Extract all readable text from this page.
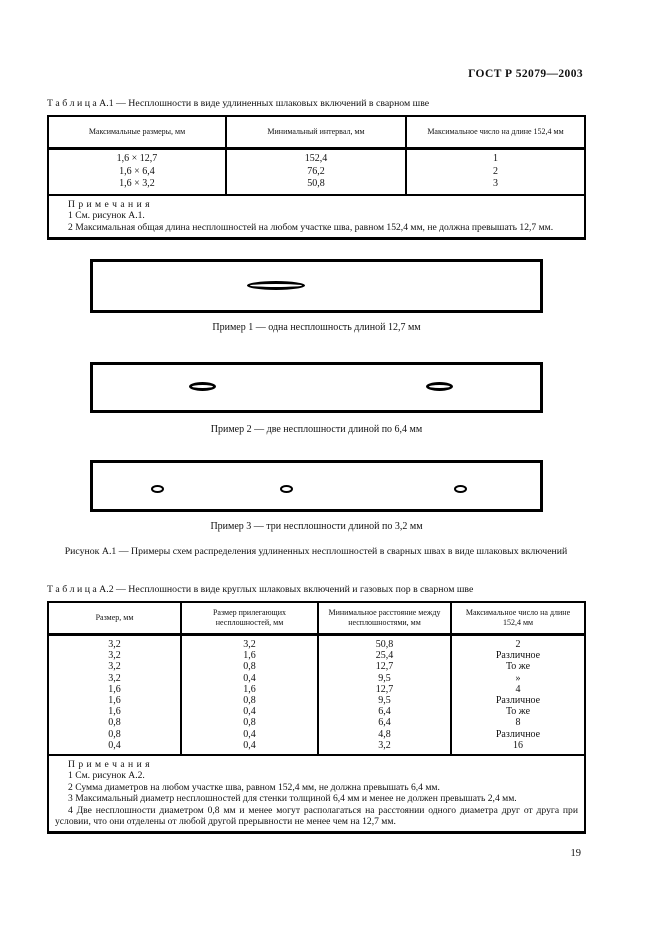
ГОСТ Р 52079—2003
Т а б л и ц а А.1 — Несплошности в виде удлиненных шлаковых включений в сварном шве
Максимальные размеры, мм	Минимальный интервал, мм	Максимальное число на длине 152,4 мм
1,6 × 12,7	152,4	1
1,6 × 6,4	76,2	2
1,6 × 3,2	50,8	3

П р и м е ч а н и я

1 См. рисунок А.1.

2 Максимальная общая длина несплошностей на любом участке шва, равном 152,4 мм, не должна превышать 12,7 мм.		

Пример 1 — одна несплошность длиной 12,7 мм
Пример 2 — две несплошности длиной по 6,4 мм
Пример 3 — три несплошности длиной по 3,2 мм
Рисунок А.1 — Примеры схем распределения удлиненных несплошностей в сварных швах в виде шлаковых включений
Т а б л и ц а А.2 — Несплошности в виде круглых шлаковых включений и газовых пор в сварном шве
Размер, мм	Размер прилегающих несплошностей, мм	Минимальное расстояние между несплошностями, мм	Максимальное число на длине 152,4 мм
3,2	3,2	50,8	2
3,2	1,6	25,4	Различное
3,2	0,8	12,7	То же
3,2	0,4	9,5	»
1,6	1,6	12,7	4
1,6	0,8	9,5	Различное
1,6	0,4	6,4	То же
0,8	0,8	6,4	8
0,8	0,4	4,8	Различное
0,4	0,4	3,2	16

П р и м е ч а н и я

1 См. рисунок А.2.

2 Сумма диаметров на любом участке шва, равном 152,4 мм, не должна превышать 6,4 мм.

3 Максимальный диаметр несплошностей для стенки толщиной 6,4 мм и менее не должен превышать 2,4 мм.

4 Две несплошности диаметром 0,8 мм и менее могут располагаться на расстоянии одного диаметра друг от друга при условии, что они отделены от любой другой прерывности не менее чем на 12,7 мм.			

19
